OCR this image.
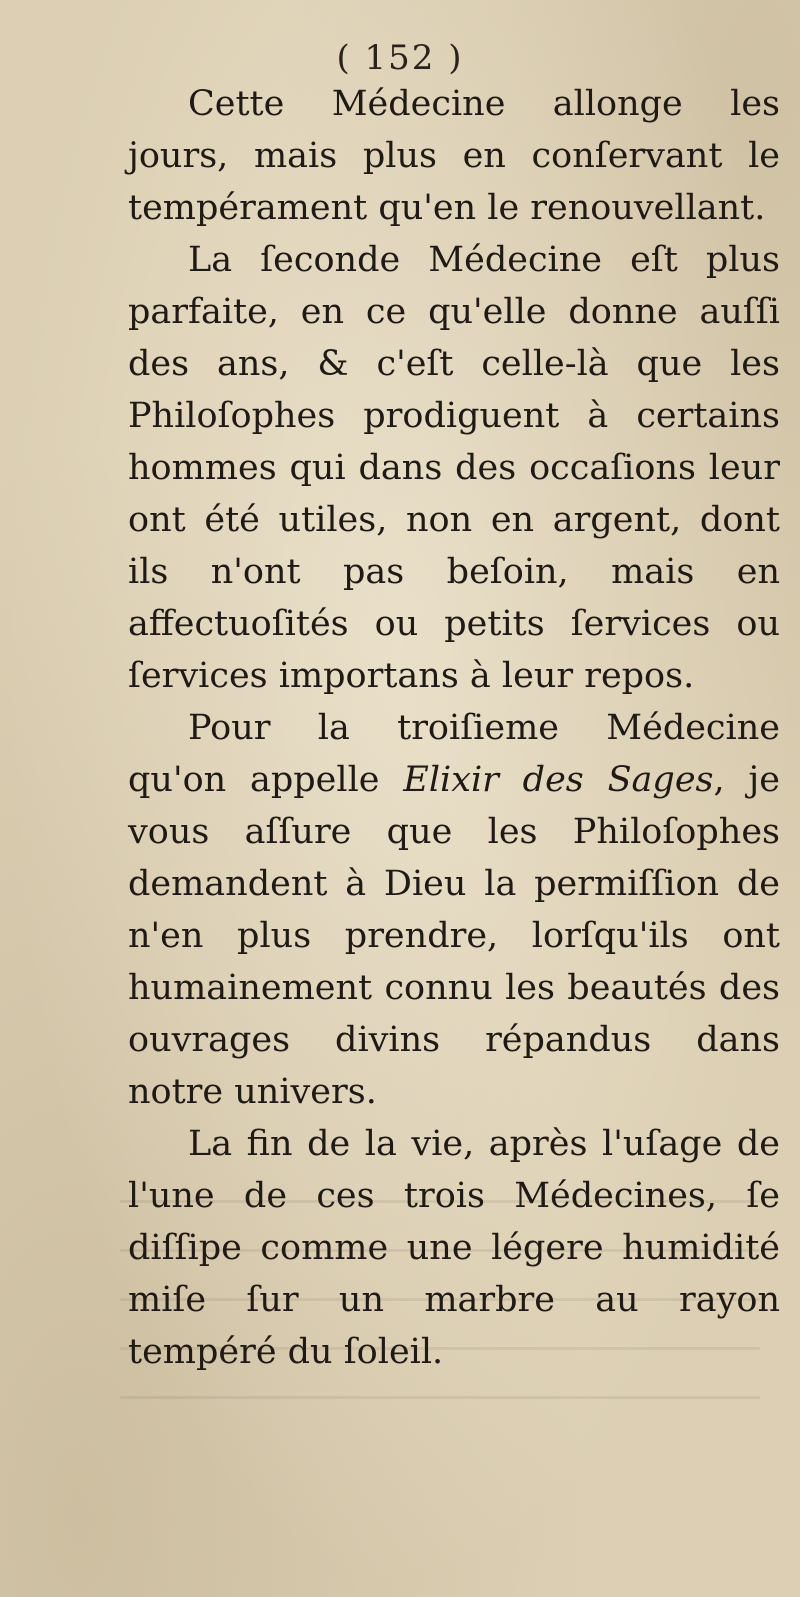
( 152 )

Cette Médecine allonge les jours, mais plus en conſervant le tempérament qu'en le renouvellant.

La ſeconde Médecine eſt plus parfaite, en ce qu'elle donne auſſi des ans, & c'eſt celle-là que les Philoſophes prodiguent à certains hommes qui dans des occaſions leur ont été utiles, non en argent, dont ils n'ont pas beſoin, mais en affectuoſités ou petits ſervices ou ſervices importans à leur repos.

Pour la troiſieme Médecine qu'on appelle Elixir des Sages, je vous aſſure que les Philoſophes demandent à Dieu la permiſſion de n'en plus prendre, lorſqu'ils ont humainement connu les beautés des ouvrages divins répandus dans notre univers.

La fin de la vie, après l'uſage de l'une de ces trois Médecines, ſe diſſipe comme une légere humidité miſe ſur un marbre au rayon tempéré du ſoleil.
